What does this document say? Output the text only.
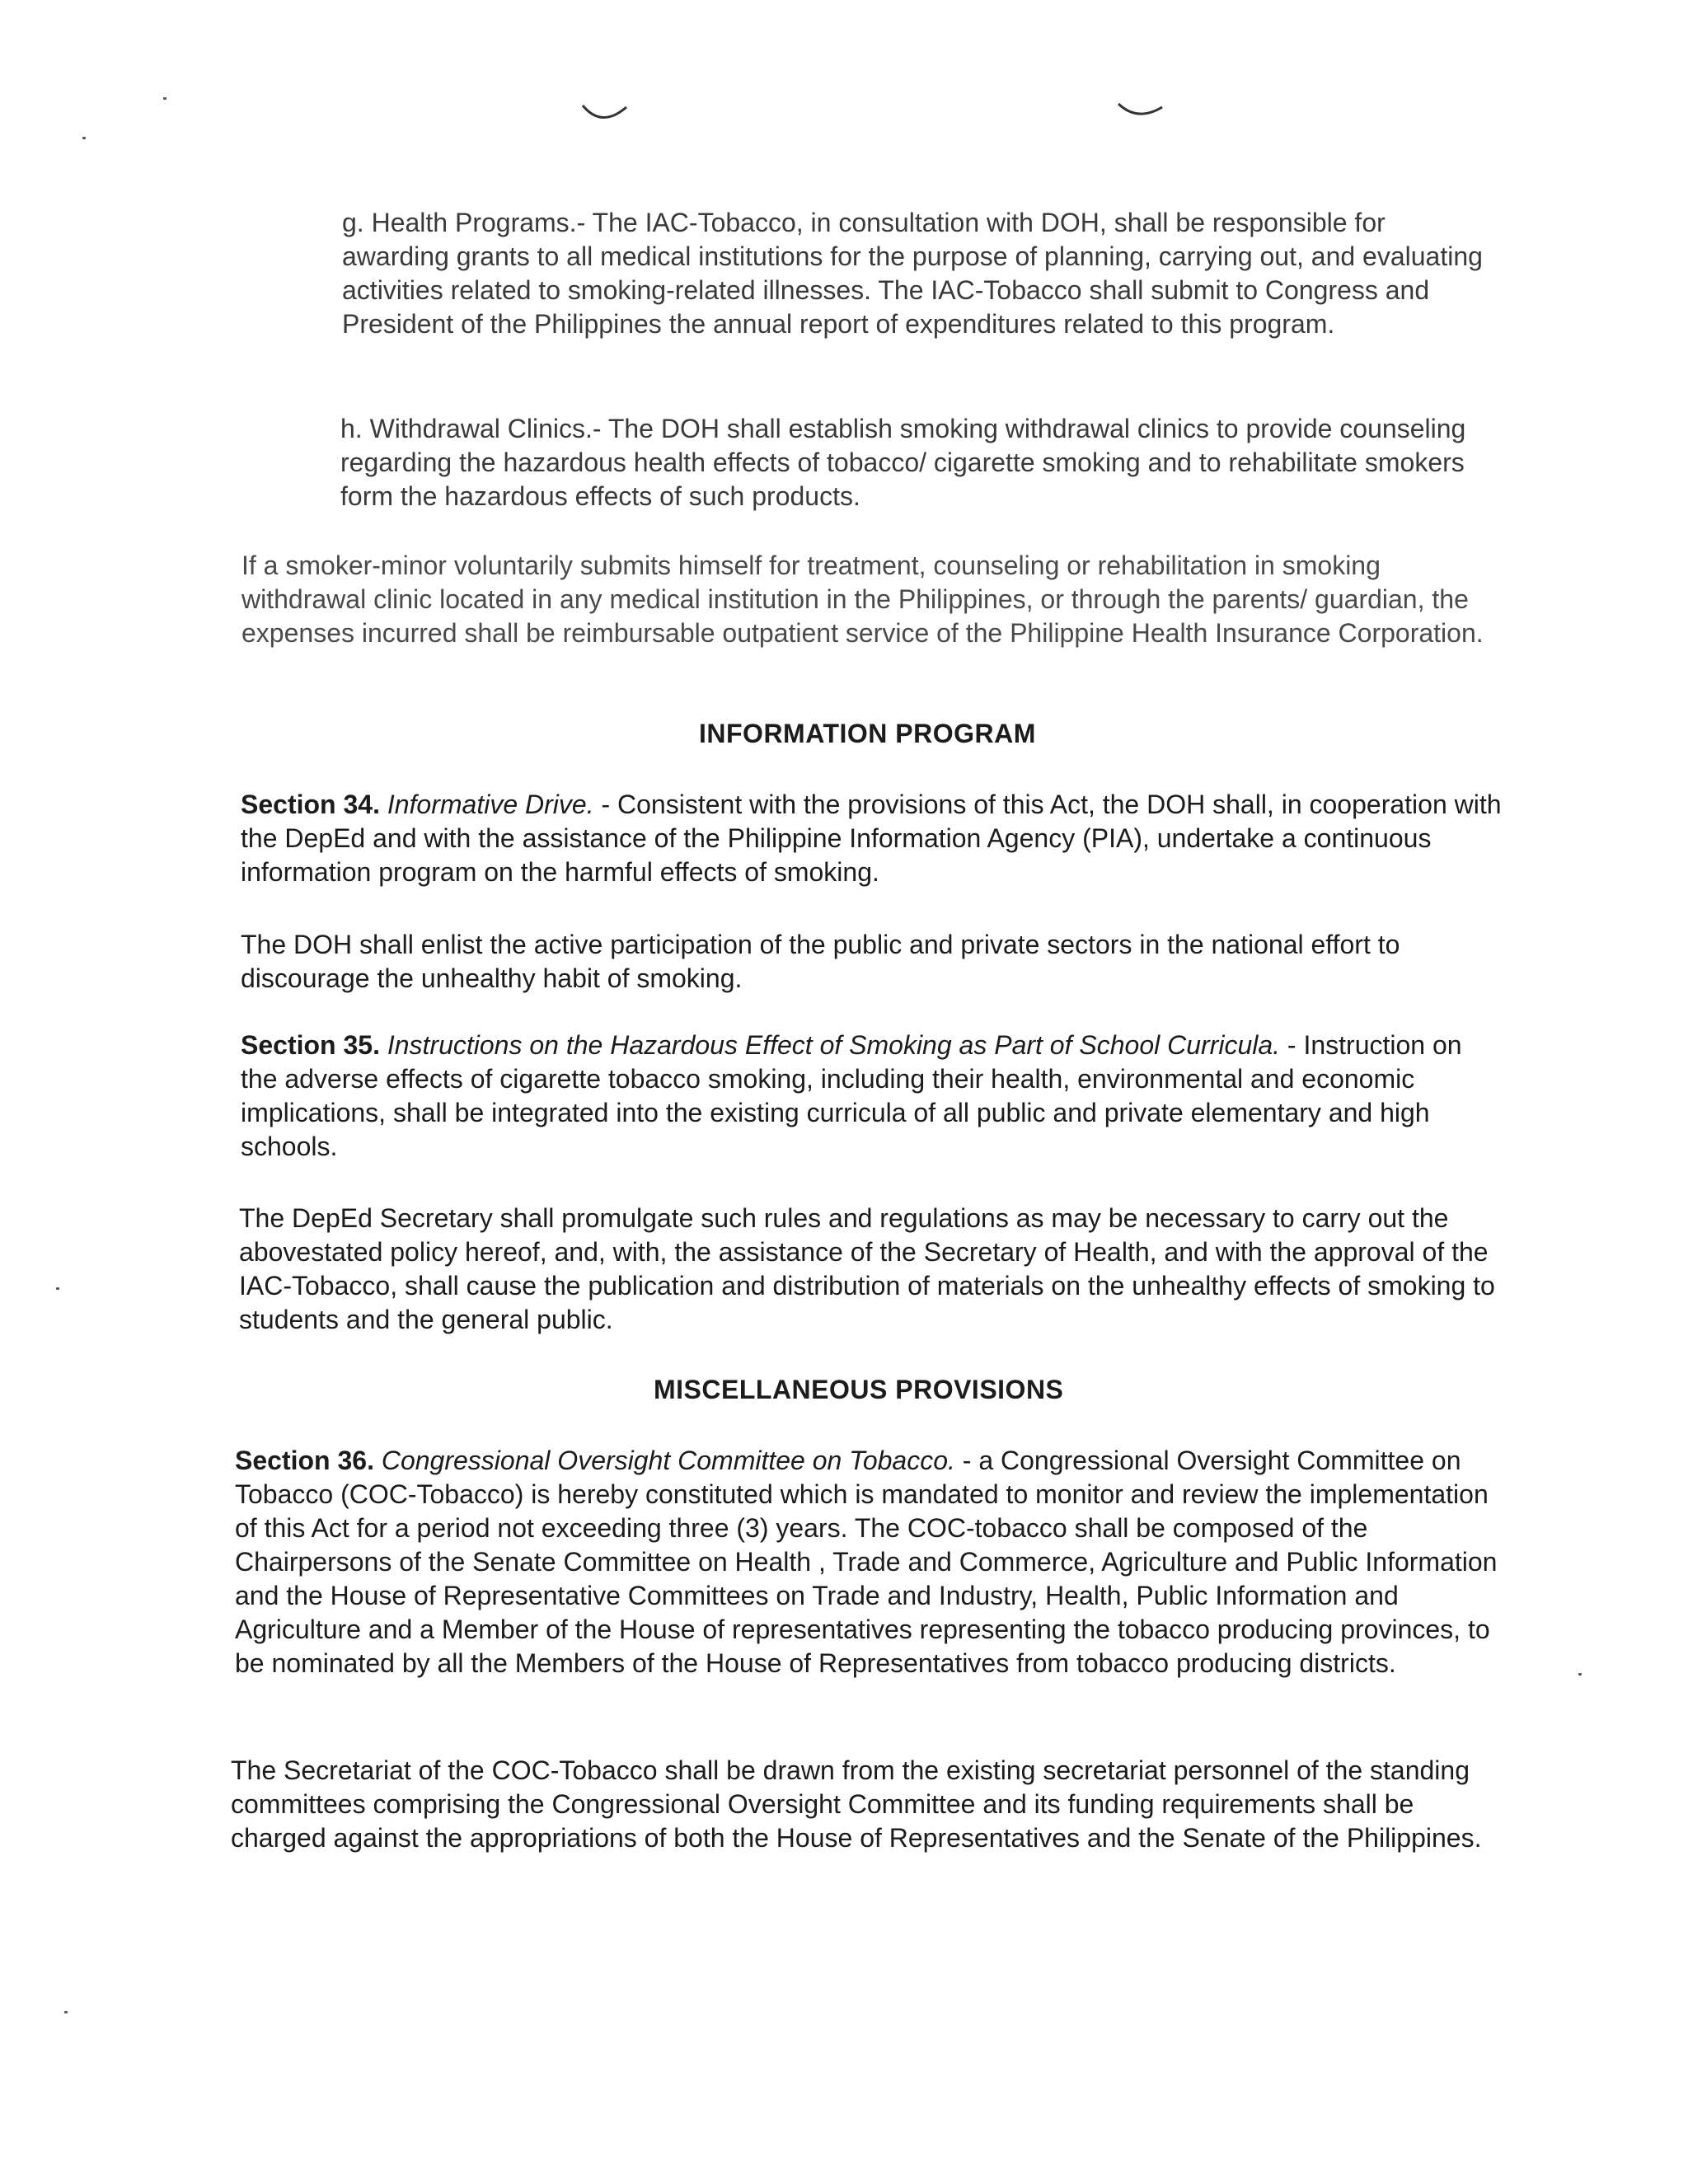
g. Health Programs.- The IAC-Tobacco, in consultation with DOH, shall be responsible for awarding grants to all medical institutions for the purpose of planning, carrying out, and evaluating activities related to smoking-related illnesses. The IAC-Tobacco shall submit to Congress and President of the Philippines the annual report of expenditures related to this program.

h. Withdrawal Clinics.- The DOH shall establish smoking withdrawal clinics to provide counseling regarding the hazardous health effects of tobacco/ cigarette smoking and to rehabilitate smokers form the hazardous effects of such products.

If a smoker-minor voluntarily submits himself for treatment, counseling or rehabilitation in smoking withdrawal clinic located in any medical institution in the Philippines, or through the parents/ guardian, the expenses incurred shall be reimbursable outpatient service of the Philippine Health Insurance Corporation.

INFORMATION PROGRAM

Section 34. Informative Drive. - Consistent with the provisions of this Act, the DOH shall, in cooperation with the DepEd and with the assistance of the Philippine Information Agency (PIA), undertake a continuous information program on the harmful effects of smoking.

The DOH shall enlist the active participation of the public and private sectors in the national effort to discourage the unhealthy habit of smoking.

Section 35. Instructions on the Hazardous Effect of Smoking as Part of School Curricula. - Instruction on the adverse effects of cigarette tobacco smoking, including their health, environmental and economic implications, shall be integrated into the existing curricula of all public and private elementary and high schools.

The DepEd Secretary shall promulgate such rules and regulations as may be necessary to carry out the abovestated policy hereof, and, with, the assistance of the Secretary of Health, and with the approval of the IAC-Tobacco, shall cause the publication and distribution of materials on the unhealthy effects of smoking to students and the general public.

MISCELLANEOUS PROVISIONS

Section 36. Congressional Oversight Committee on Tobacco. - a Congressional Oversight Committee on Tobacco (COC-Tobacco) is hereby constituted which is mandated to monitor and review the implementation of this Act for a period not exceeding three (3) years. The COC-tobacco shall be composed of the Chairpersons of the Senate Committee on Health , Trade and Commerce, Agriculture and Public Information and the House of Representative Committees on Trade and Industry, Health, Public Information and Agriculture and a Member of the House of representatives representing the tobacco producing provinces, to be nominated by all the Members of the House of Representatives from tobacco producing districts.

The Secretariat of the COC-Tobacco shall be drawn from the existing secretariat personnel of the standing committees comprising the Congressional Oversight Committee and its funding requirements shall be charged against the appropriations of both the House of Representatives and the Senate of the Philippines.
